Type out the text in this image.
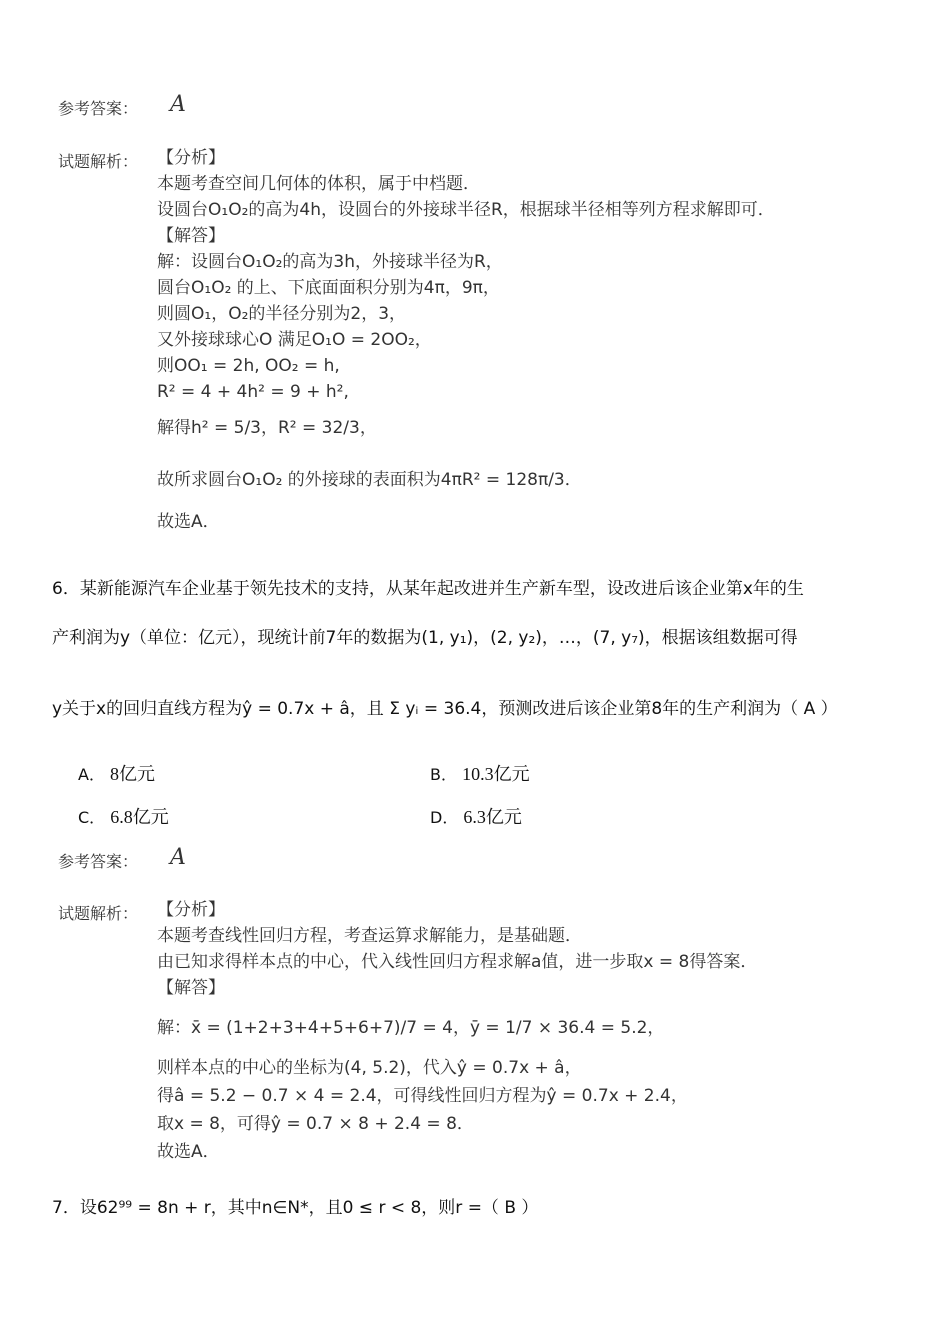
参考答案： A
试题解析： 【分析】
本题考查空间几何体的体积，属于中档题．
设圆台O₁O₂的高为4h，设圆台的外接球半径R，根据球半径相等列方程求解即可．
【解答】
解：设圆台O₁O₂的高为3h，外接球半径为R，
圆台O₁O₂ 的上、下底面面积分别为4π，9π，
则圆O₁，O₂的半径分别为2，3，
又外接球球心O 满足O₁O = 2OO₂，
则OO₁ = 2h, OO₂ = h,
R² = 4 + 4h² = 9 + h²,
解得h² = 5/3，R² = 32/3，
故所求圆台O₁O₂ 的外接球的表面积为4πR² = 128π/3．
故选A．
6．某新能源汽车企业基于领先技术的支持，从某年起改进并生产新车型，设改进后该企业第x年的生
产利润为y（单位：亿元），现统计前7年的数据为(1, y₁)，(2, y₂)，…，(7, y₇)，根据该组数据可得
y关于x的回归直线方程为ŷ = 0.7x + â，且 Σ yᵢ = 36.4，预测改进后该企业第8年的生产利润为（ A ）
A． 8亿元	B． 10.3亿元
C． 6.8亿元	D． 6.3亿元
参考答案： A
试题解析： 【分析】
本题考查线性回归方程，考查运算求解能力，是基础题．
由已知求得样本点的中心，代入线性回归方程求解a值，进一步取x = 8得答案．
【解答】
解：x̄ = (1+2+3+4+5+6+7)/7 = 4，ȳ = 1/7 × 36.4 = 5.2，
则样本点的中心的坐标为(4, 5.2)，代入ŷ = 0.7x + â，
得â = 5.2 − 0.7 × 4 = 2.4，可得线性回归方程为ŷ = 0.7x + 2.4，
取x = 8，可得ŷ = 0.7 × 8 + 2.4 = 8．
故选A．
7．设62⁹⁹ = 8n + r，其中n∈N*，且0 ≤ r < 8，则r =（ B ）
